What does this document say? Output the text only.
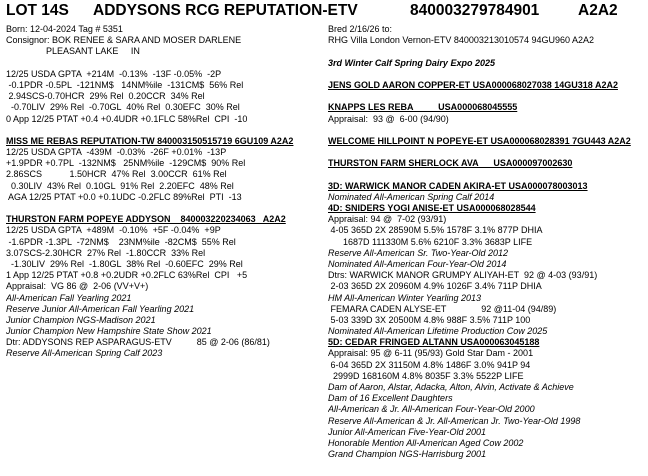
LOT 14S

ADDYSONS RCG REPUTATION-ETV

	840003279784901

A2A2

Born: 12-04-2024 Tag # 5351
Consignor: BOK RENEE & SARA AND MOSER DARLENE
PLEASANT LAKE     IN
12/25 USDA GPTA  +214M  -0.13%  -13F -0.05%  -2P
-0.1PDR -0.5PL  -121NM$   14NM%ile  -131CM$  56% Rel
2.94SCS-0.70HCR  29% Rel  0.20CCR  34% Rel
-0.70LIV  29% Rel  -0.70GL  40% Rel  0.30EFC  30% Rel
0 App 12/25 PTAT +0.4 +0.4UDR +0.1FLC 58%Rel  CPI  -10
MISS ME REBAS REPUTATION-TW 840003150515719 6GU109 A2A2
12/25 USDA GPTA  -439M  -0.03%  -26F +0.01%  -13P
+1.9PDR +0.7PL  -132NM$   25NM%ile  -129CM$  90% Rel
2.86SCS           1.50HCR  47% Rel  3.00CCR  61% Rel
0.30LIV  43% Rel  0.10GL  91% Rel  2.20EFC  48% Rel
AGA 12/25 PTAT +0.0 +0.1UDC -0.2FLC 89%Rel  PTI  -13
THURSTON FARM POPEYE ADDYSON    840003220234063   A2A2
12/25 USDA GPTA  +489M  -0.10%  +5F -0.04%  +9P
-1.6PDR -1.3PL  -72NM$    23NM%ile  -82CM$  55% Rel
3.07SCS-2.30HCR  27% Rel  -1.80CCR  33% Rel
-1.30LIV  29% Rel  -1.80GL  38% Rel  -0.60EFC  29% Rel
1 App 12/25 PTAT +0.8 +0.2UDR +0.2FLC 63%Rel  CPI   +5
Appraisal:  VG 86 @  2-06 (VV+V+)
All-American Fall Yearling 2021
Reserve Junior All-American Fall Yearling 2021
Junior Champion NGS-Madison 2021
Junior Champion New Hampshire State Show 2021
Dtr: ADDYSONS REP ASPARAGUS-ETV          85 @ 2-06 (86/81)
Reserve All-American Spring Calf 2023
Bred 2/16/26 to:
RHG Villa London Vernon-ETV 840003213010574 94GU960 A2A2
3rd Winter Calf Spring Dairy Expo 2025
JENS GOLD AARON COPPER-ET USA000068027038 14GU318 A2A2
KNAPPS LES REBA          USA000068045555
Appraisal:  93 @  6-00 (94/90)
WELCOME HILLPOINT N POPEYE-ET USA000068028391 7GU443 A2A2
THURSTON FARM SHERLOCK AVA      USA000097002630
3D: WARWICK MANOR CADEN AKIRA-ET USA000078003013
Nominated All-American Spring Calf 2014
4D: SNIDERS YOGI ANISE-ET USA000068028544
Appraisal: 94 @  7-02 (93/91)
4-05 365D 2X 28590M 5.5% 1578F 3.1% 877P DHIA
1687D 111330M 5.6% 6210F 3.3% 3683P LIFE
Reserve All-American Sr. Two-Year-Old 2012
Nominated All-American Four-Year-Old 2014
Dtrs: WARWICK MANOR GRUMPY ALIYAH-ET  92 @ 4-03 (93/91)
2-03 365D 2X 20960M 4.9% 1026F 3.4% 711P DHIA
HM All-American Winter Yearling 2013
FEMARA CADEN ALYSE-ET              92 @11-04 (94/89)
5-03 339D 3X 20500M 4.8% 988F 3.5% 711P 100
Nominated All-American Lifetime Production Cow 2025
5D: CEDAR FRINGED ALTANN USA000063045188
Appraisal: 95 @ 6-11 (95/93) Gold Star Dam - 2001
6-04 365D 2X 31150M 4.8% 1486F 3.0% 941P 94
2999D 168160M 4.8% 8035F 3.3% 5522P LIFE
Dam of Aaron, Alstar, Adacka, Alton, Alvin, Activate & Achieve
Dam of 16 Excellent Daughters
All-American & Jr. All-American Four-Year-Old 2000
Reserve All-American & Jr. All-American Jr. Two-Year-Old 1998
Junior All-American Five-Year-Old 2001
Honorable Mention All-American Aged Cow 2002
Grand Champion NGS-Harrisburg 2001
